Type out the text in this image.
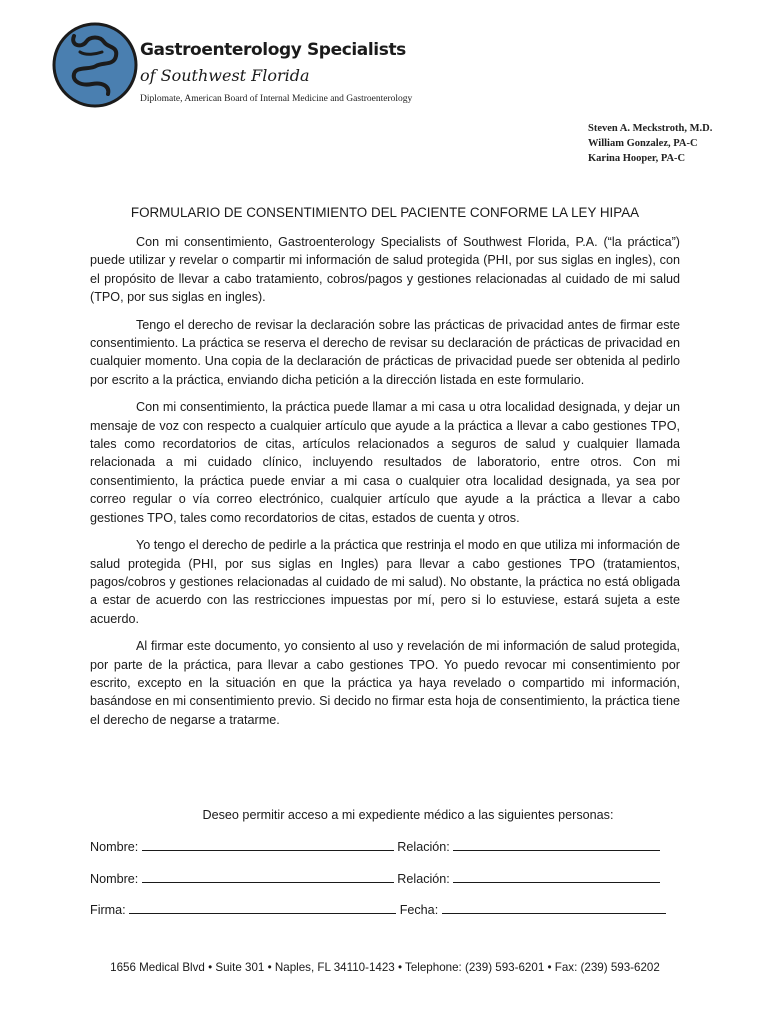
Gastroenterology Specialists
of Southwest Florida
Diplomate, American Board of Internal Medicine and Gastroenterology
Steven A. Meckstroth, M.D.
William Gonzalez, PA-C
Karina Hooper, PA-C
FORMULARIO DE CONSENTIMIENTO DEL PACIENTE CONFORME LA LEY HIPAA

Con mi consentimiento, Gastroenterology Specialists of Southwest Florida, P.A. (“la práctica”) puede utilizar y revelar o compartir mi información de salud protegida (PHI, por sus siglas en ingles), con el propósito de llevar a cabo tratamiento, cobros/pagos y gestiones relacionadas al cuidado de mi salud (TPO, por sus siglas en ingles).

Tengo el derecho de revisar la declaración sobre las prácticas de privacidad antes de firmar este consentimiento. La práctica se reserva el derecho de revisar su declaración de prácticas de privacidad en cualquier momento. Una copia de la declaración de prácticas de privacidad puede ser obtenida al pedirlo por escrito a la práctica, enviando dicha petición a la dirección listada en este formulario.

Con mi consentimiento, la práctica puede llamar a mi casa u otra localidad designada, y dejar un mensaje de voz con respecto a cualquier artículo que ayude a la práctica a llevar a cabo gestiones TPO, tales como recordatorios de citas, artículos relacionados a seguros de salud y cualquier llamada relacionada a mi cuidado clínico, incluyendo resultados de laboratorio, entre otros. Con mi consentimiento, la práctica puede enviar a mi casa o cualquier otra localidad designada, ya sea por correo regular o vía correo electrónico, cualquier artículo que ayude a la práctica a llevar a cabo gestiones TPO, tales como recordatorios de citas, estados de cuenta y otros.

Yo tengo el derecho de pedirle a la práctica que restrinja el modo en que utiliza mi información de salud protegida (PHI, por sus siglas en Ingles) para llevar a cabo gestiones TPO (tratamientos, pagos/cobros y gestiones relacionadas al cuidado de mi salud). No obstante, la práctica no está obligada a estar de acuerdo con las restricciones impuestas por mí, pero si lo estuviese, estará sujeta a este acuerdo.

Al firmar este documento, yo consiento al uso y revelación de mi información de salud protegida, por parte de la práctica, para llevar a cabo gestiones TPO. Yo puedo revocar mi consentimiento por escrito, excepto en la situación en que la práctica ya haya revelado o compartido mi información, basándose en mi consentimiento previo. Si decido no firmar esta hoja de consentimiento, la práctica tiene el derecho de negarse a tratarme.

Deseo permitir acceso a mi expediente médico a las siguientes personas:
Nombre:	Relación:
Nombre:	Relación:
Firma:	Fecha:
1656 Medical Blvd • Suite 301 • Naples, FL 34110-1423 • Telephone: (239) 593-6201 • Fax: (239) 593-6202
